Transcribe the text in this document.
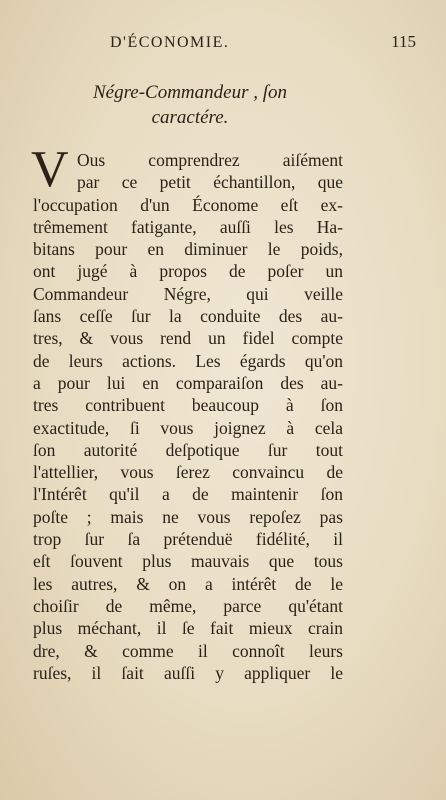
D'ÉCONOMIE.	115
Négre-Commandeur , ſon
caractére.
V Ous comprendrez aiſément
par ce petit échantillon, que
l'occupation d'un Économe eſt ex-
trêmement fatigante, auſſi les Ha-
bitans pour en diminuer le poids,
ont jugé à propos de poſer un
Commandeur Négre, qui veille
ſans ceſſe ſur la conduite des au-
tres, & vous rend un fidel compte
de leurs actions. Les égards qu'on
a pour lui en comparaiſon des au-
tres contribuent beaucoup à ſon
exactitude, ſi vous joignez à cela
ſon autorité deſpotique ſur tout
l'attellier, vous ſerez convaincu de
l'Intérêt qu'il a de maintenir ſon
poſte ; mais ne vous repoſez pas
trop ſur ſa prétenduë fidélité, il
eſt ſouvent plus mauvais que tous
les autres, & on a intérêt de le
choiſir de même, parce qu'étant
plus méchant, il ſe fait mieux crain
dre, & comme il connoît leurs
ruſes, il ſait auſſi y appliquer le
